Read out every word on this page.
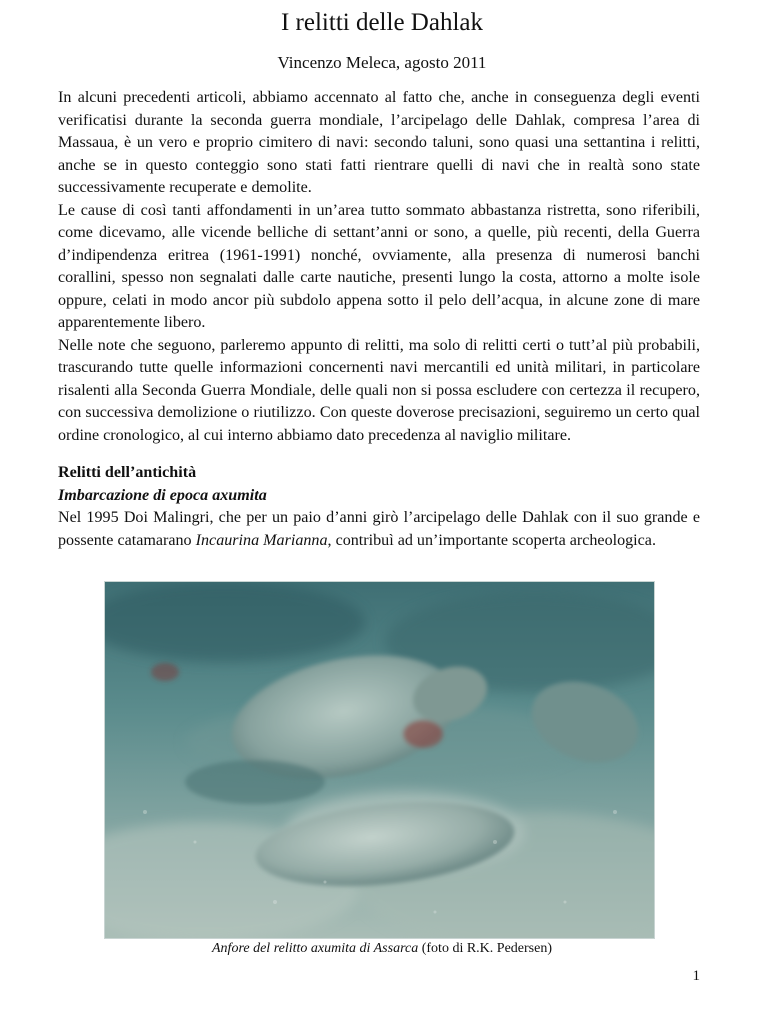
I relitti delle Dahlak
Vincenzo Meleca, agosto 2011

In alcuni precedenti articoli, abbiamo accennato al fatto che, anche in conseguenza degli eventi verificatisi durante la seconda guerra mondiale, l’arcipelago delle Dahlak, compresa l’area di Massaua, è un vero e proprio cimitero di navi: secondo taluni, sono quasi una settantina i relitti, anche se in questo conteggio sono stati fatti rientrare quelli di navi che in realtà sono state successivamente recuperate e demolite.

Le cause di così tanti affondamenti in un’area tutto sommato abbastanza ristretta, sono riferibili, come dicevamo, alle vicende belliche di settant’anni or sono, a quelle, più recenti, della Guerra d’indipendenza eritrea (1961-1991) nonché, ovviamente, alla presenza di numerosi banchi corallini, spesso non segnalati dalle carte nautiche, presenti lungo la costa, attorno a molte isole oppure, celati in modo ancor più subdolo appena sotto il pelo dell’acqua, in alcune zone di mare apparentemente libero.

Nelle note che seguono, parleremo appunto di relitti, ma solo di relitti certi o tutt’al più probabili, trascurando tutte quelle informazioni concernenti navi mercantili ed unità militari, in particolare risalenti alla Seconda Guerra Mondiale, delle quali non si possa escludere con certezza il recupero, con successiva demolizione o riutilizzo. Con queste doverose precisazioni, seguiremo un certo qual ordine cronologico, al cui interno abbiamo dato precedenza al naviglio militare.

Relitti dell’antichità
Imbarcazione di epoca axumita
Nel 1995 Doi Malingri, che per un paio d’anni girò l’arcipelago delle Dahlak con il suo grande e possente catamarano Incaurina Marianna, contribuì ad un’importante scoperta archeologica.
Anfore del relitto axumita di Assarca (foto di R.K. Pedersen)
1
